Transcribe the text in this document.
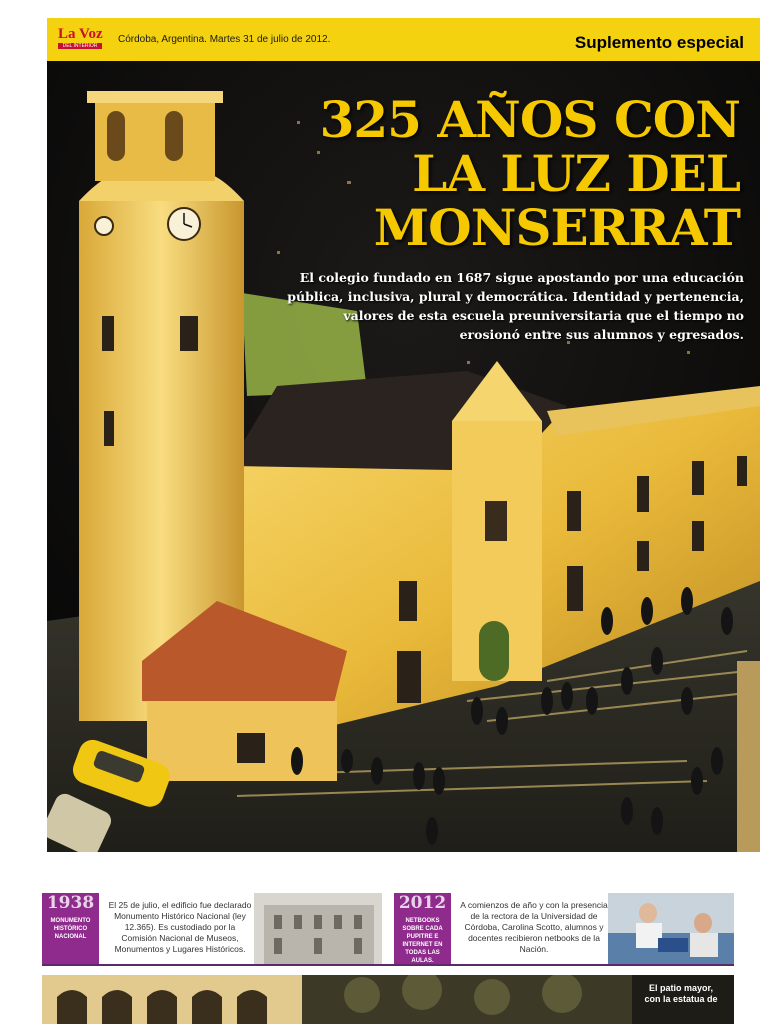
La Voz
DEL INTERIOR
Córdoba, Argentina. Martes 31 de julio de 2012.	Suplemento especial
325 AÑOS CON
LA LUZ DEL
MONSERRAT
El colegio fundado en 1687 sigue apostando por una educación pública, inclusiva, plural y democrática. Identidad y pertenencia, valores de esta escuela preuniversitaria que el tiempo no erosionó entre sus alumnos y egresados.
1938
MONUMENTO HISTÓRICO NACIONAL
El 25 de julio, el edificio fue declarado Monumento Histórico Nacional (ley 12.365). Es custodiado por la Comisión Nacional de Museos, Monumentos y Lugares Históricos.
2012
NETBOOKS SOBRE CADA PUPITRE E INTERNET EN TODAS LAS AULAS.
A comienzos de año y con la presencia de la rectora de la Universidad de Córdoba, Carolina Scotto, alumnos y docentes recibieron netbooks de la Nación.
El patio mayor, con la estatua de
